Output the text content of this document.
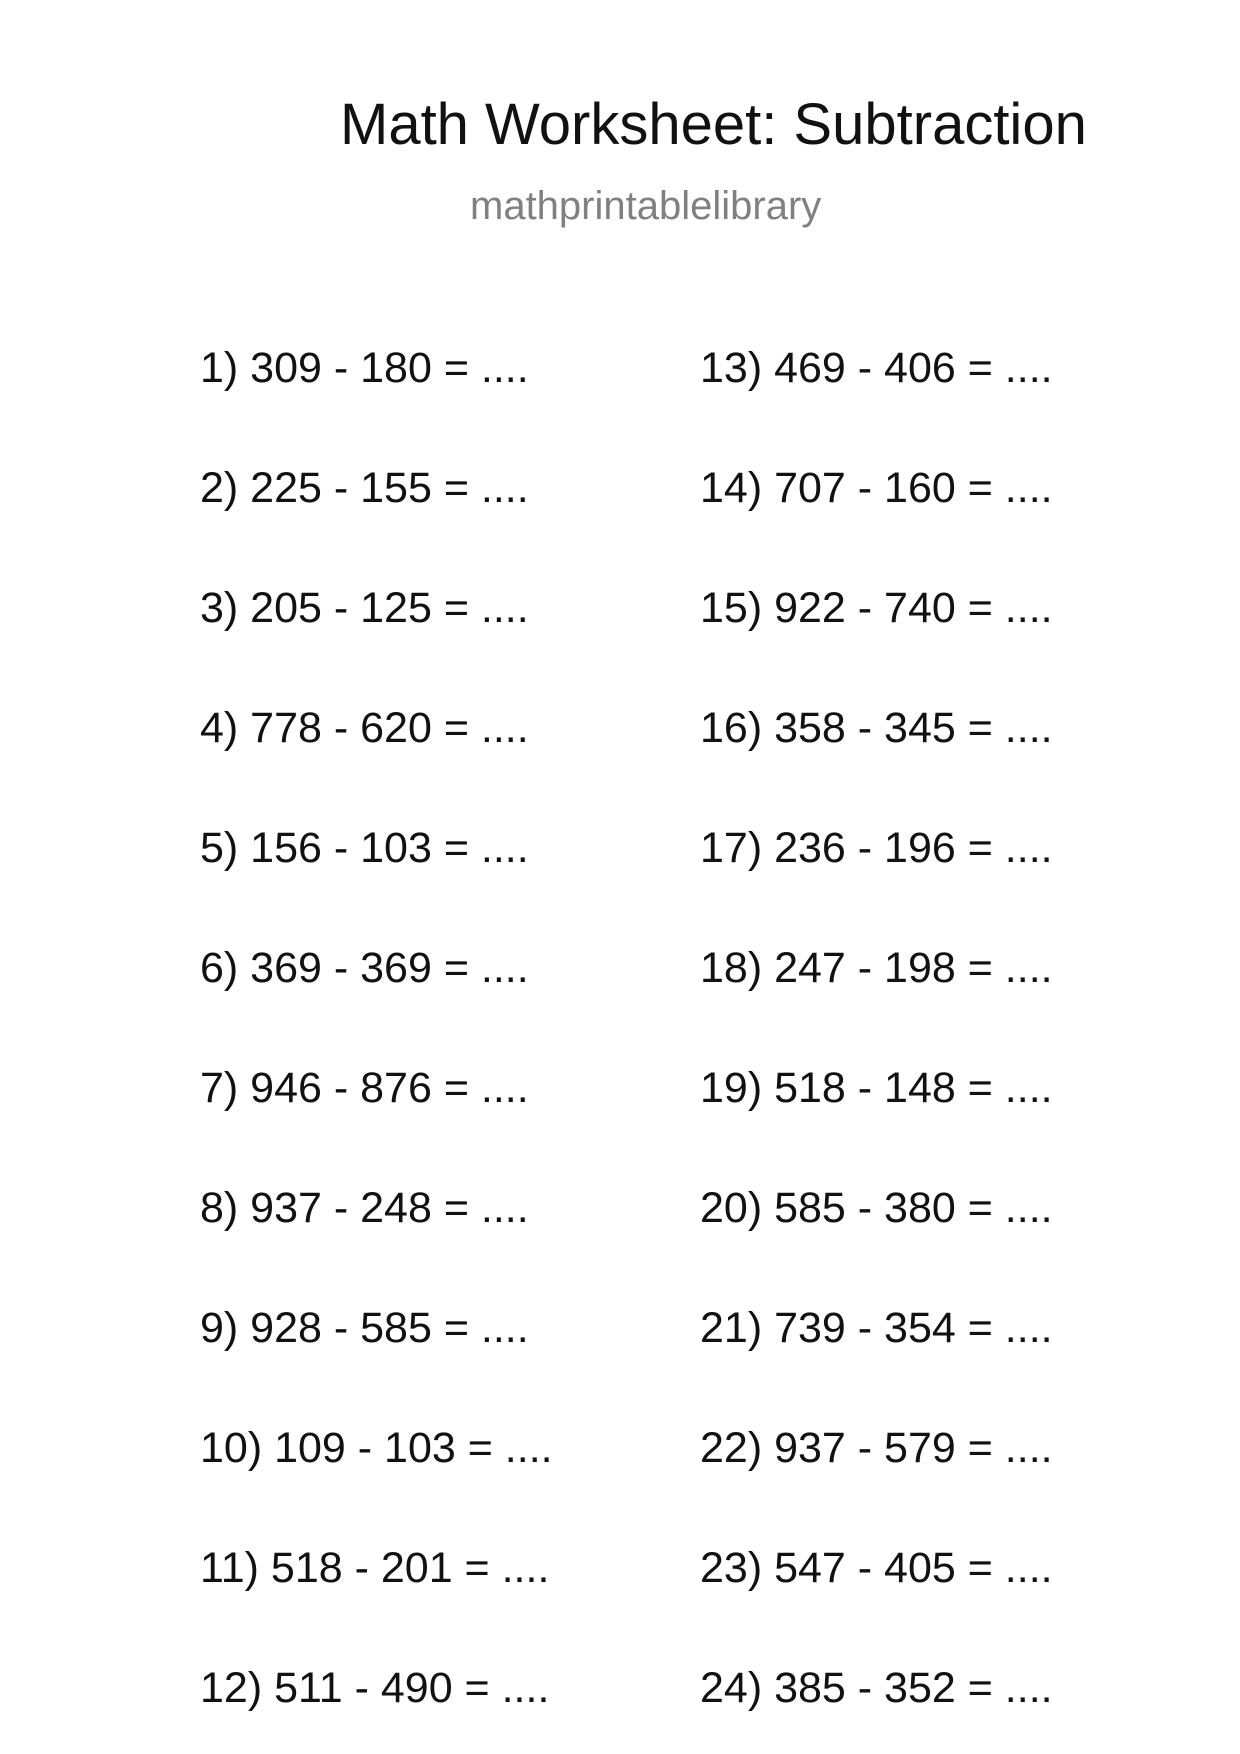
Math Worksheet: Subtraction
mathprintablelibrary
1) 309 - 180 = ....
2) 225 - 155 = ....
3) 205 - 125 = ....
4) 778 - 620 = ....
5) 156 - 103 = ....
6) 369 - 369 = ....
7) 946 - 876 = ....
8) 937 - 248 = ....
9) 928 - 585 = ....
10) 109 - 103 = ....
11) 518 - 201 = ....
12) 511 - 490 = ....
13) 469 - 406 = ....
14) 707 - 160 = ....
15) 922 - 740 = ....
16) 358 - 345 = ....
17) 236 - 196 = ....
18) 247 - 198 = ....
19) 518 - 148 = ....
20) 585 - 380 = ....
21) 739 - 354 = ....
22) 937 - 579 = ....
23) 547 - 405 = ....
24) 385 - 352 = ....
